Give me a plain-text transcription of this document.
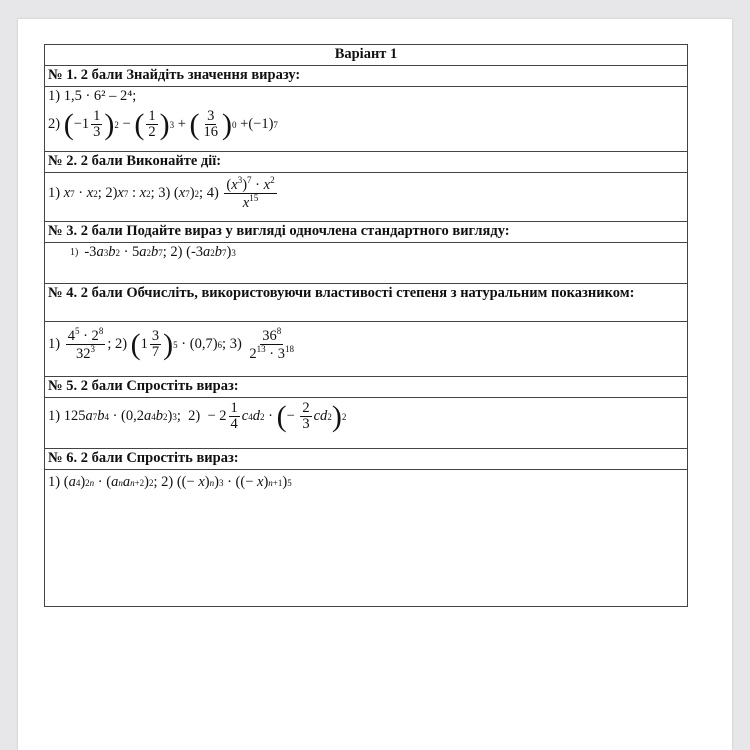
Варіант 1
№ 1. 2 бали Знайдіть значення виразу:

1) 1,5 · 6² – 2⁴;
2)
( $-1 \frac{1}{3}$ ) 2 − ( $\frac{1}{2}$ ) 3 + ( $\frac{3}{16}$ ) 0 +(−1) 7

№ 2. 2 бали Виконайте дії:

1)
x 7 · x 2 ; 2) x 7 : x 2 ; 3) ( x 7 ) 2 ; $4) \frac{(x^3)^7 \cdot x^2}{x^{15}}$

№ 3. 2 бали Подайте вираз у вигляді одночлена стандартного вигляду:

1) -3 a 3 b 2 · 5 a 2 b 7 ; 2) (-3 a 2 b 7 ) 3

№ 4. 2 бали Обчисліть, використовуючи властивості степеня з натуральним показником:

1)
$\frac{4^5 \cdot 2^8}{32^3}$ ; 2) ( $1 \frac{3}{7}$ ) 5 · (0,7) 6 ; $3) \frac{36^8}{2^{13} \cdot 3^{18}}$

№ 5. 2 бали Спростіть вираз:

1) 125 a 7 b 4 · (0,2 a 4 b 2 ) 3 ;  $2) - 2 \frac{1}{4}$ c 4 d 2 · ( − $\frac{2}{3}$ cd 2 ) 2

№ 6. 2 бали Спростіть вираз:

1) ( a 4 ) 2n · ( a n a n+2 ) 2 ; 2) ((− x ) n ) 3 · ((− x ) n+1 ) 5
